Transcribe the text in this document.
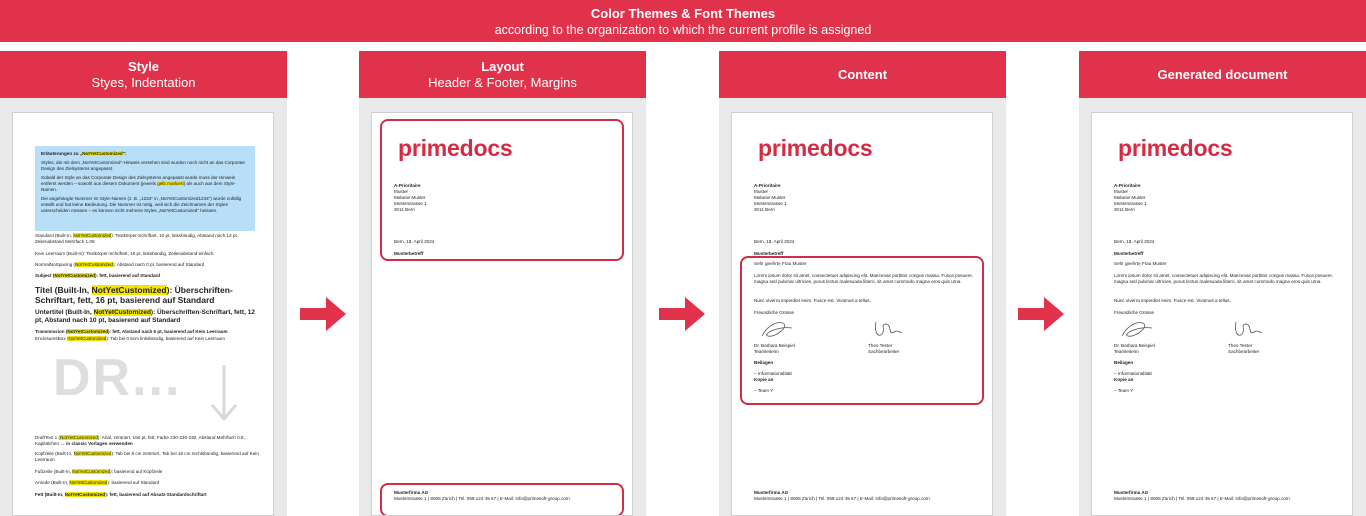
Color Themes & Font Themes
according to the organization to which the current profile is assigned
Style
Styes, Indentation
Layout
Header & Footer, Margins
Content	Generated document
Erläuterungen zu „NotYetCustomized":
Styles, die mit dem „NotYetCustomized"-Hinweis versehen sind wurden noch nicht an das Corporate Design des Zielsystems angepasst.
Sobald der Style an das Corporate Design des Zielsystems angepasst wurde muss der Hinweis entfernt werden – sowohl aus diesem Dokument (jeweils gelb markiert) als auch aus dem Style-Namen.
Die angehängte Nummer im Style-Namen (z. B. „1234" in „NotYetCustomized1234") wurde zufällig erstellt und hat keine Bedeutung. Die Nummer ist nötig, weil sich die Zeichnamen der Styles unterscheiden müssen – es können nicht mehrere Styles „NotYetCustomized" heissen.
Standard (Built-In, NotYetCustomized): Textkörper-Schriftart, 10 pt, linksbündig, Abstand nach 12 pt, Zeilenabstand Mehrfach 1.08
Kein Leerraum (Built-In): Textkörper-Schriftart, 10 pt, linksbündig, Zeilenabstand einfach
NormalNoSpacing (NotYetCustomized): Abstand nach 0 pt, basierend auf Standard
Subject (NotYetCustomized): fett, basierend auf Standard
Titel (Built-In, NotYetCustomized): Überschriften-Schriftart, fett, 16 pt, basierend auf Standard
Untertitel (Built-In, NotYetCustomized): Überschriften-Schriftart, fett, 12 pt, Abstand nach 10 pt, basierend auf Standard
Transmission (NotYetCustomized): fett, Abstand nach 6 pt, basierend auf Kein Leerraum
EnclosuresBox (NotYetCustomized): Tab bei 0.5cm linksbündig, basierend auf Kein Leerraum
DR...
DraftText 1 (NotYetCustomized): Arial, zentriert, 150 pt, fett, Farbe 230-230-230, Abstand Mehrfach 0.8, Kapitälchen → in classic Vorlagen verwenden
Kopfzeile (Built-In, NotYetCustomized): Tab bei 8 cm zentriert, Tab bei 16 cm rechtsbündig, basierend auf Kein Leerraum
Fußzeile (Built-In, NotYetCustomized): basierend auf Kopfzeile
Anrede (Built-In, NotYetCustomized): basierend auf Standard
Fett (Built-In, NotYetCustomized): fett, basierend auf Absatz-Standardschriftart
primedocs
A-Prioritaire
Muster
Melanie Muster
Musterstrasse 1
3011 Bern
Bern, 18. April 2024
Musterbetreff
Musterfirma AG
Musterstrasse 1 | 8008 Zürich | Tel. 058 123 45 67 | E-Mail: info@primesoft-group.com
primedocs
A-Prioritaire
Muster
Melanie Muster
Musterstrasse 1
3011 Bern
Bern, 18. April 2024
Musterbetreff
Sehr geehrte Frau Muster
Lorem ipsum dolor sit amet, consectetuer adipiscing elit. Maecenas porttitor congue massa. Fusce posuere, magna sed pulvinar ultricies, purus lectus malesuada libero, sit amet commodo magna eros quis urna.
Nunc viverra imperdiet enim. Fusce est. Vivamus a tellus.
Freundliche Grüsse
Dr. Barbara Beispiel
Teamleiterin
Theo Tester
Sachbearbeiter
Beilagen
– Informationsblatt
Kopie an
– Team Y
Musterfirma AG
Musterstrasse 1 | 8008 Zürich | Tel. 058 123 45 67 | E-Mail: info@primesoft-group.com
primedocs
A-Prioritaire
Muster
Melanie Muster
Musterstrasse 1
3011 Bern
Bern, 18. April 2024
Musterbetreff
Sehr geehrte Frau Muster
Lorem ipsum dolor sit amet, consectetuer adipiscing elit. Maecenas porttitor congue massa. Fusce posuere, magna sed pulvinar ultricies, purus lectus malesuada libero, sit amet commodo magna eros quis urna.
Nunc viverra imperdiet enim. Fusce est. Vivamus a tellus.
Freundliche Grüsse
Dr. Barbara Beispiel
Teamleiterin
Theo Tester
Sachbearbeiter
Beilagen
– Informationsblatt
Kopie an
– Team Y
Musterfirma AG
Musterstrasse 1 | 8008 Zürich | Tel. 058 123 45 67 | E-Mail: info@primesoft-group.com
